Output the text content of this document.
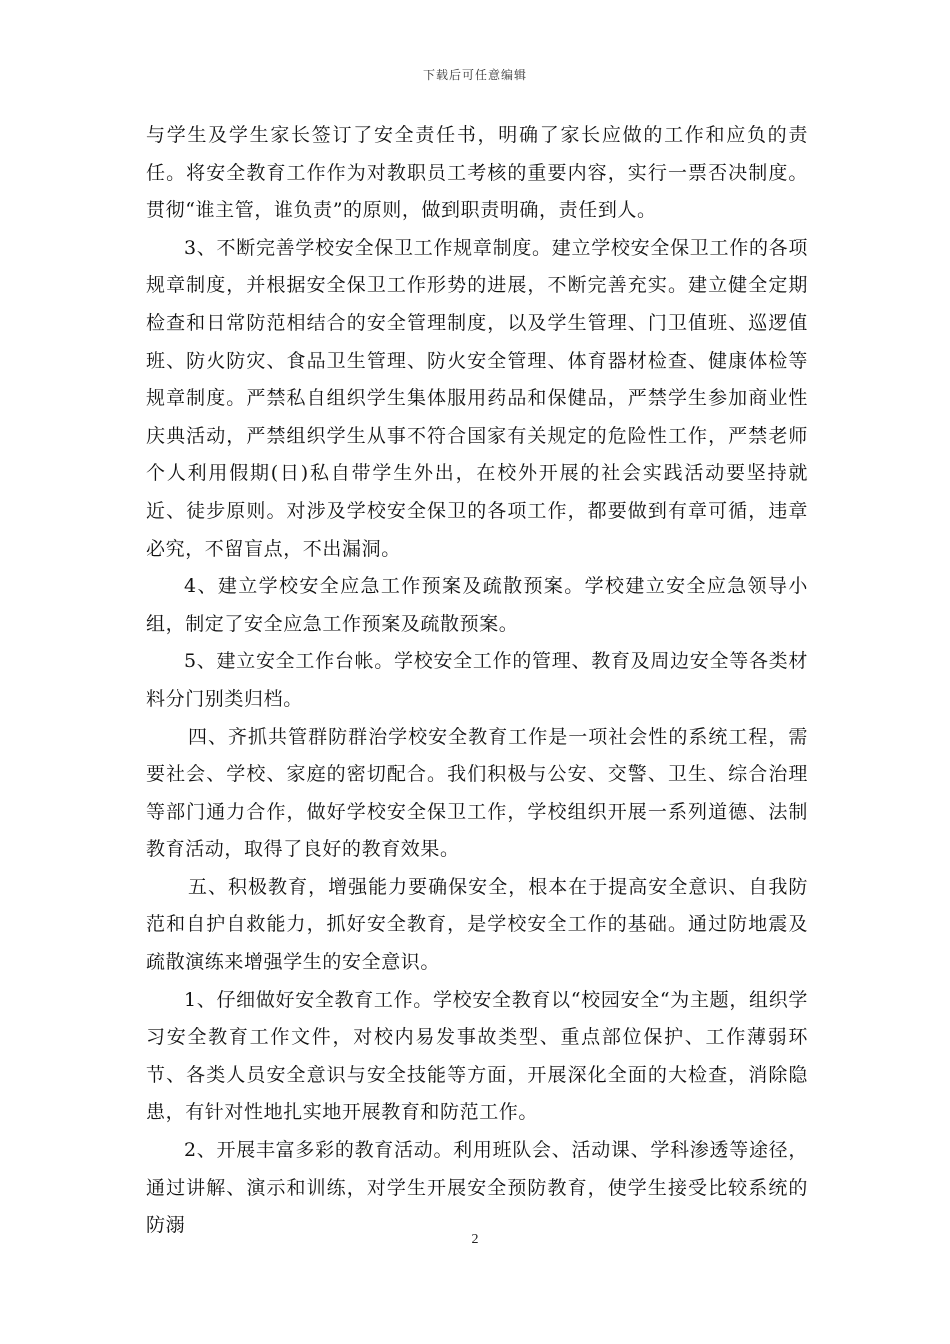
下载后可任意编辑

与学生及学生家长签订了安全责任书，明确了家长应做的工作和应负的责任。将安全教育工作作为对教职员工考核的重要内容，实行一票否决制度。贯彻“谁主管，谁负责”的原则，做到职责明确，责任到人。

3、不断完善学校安全保卫工作规章制度。建立学校安全保卫工作的各项规章制度，并根据安全保卫工作形势的进展，不断完善充实。建立健全定期检查和日常防范相结合的安全管理制度，以及学生管理、门卫值班、巡逻值班、防火防灾、食品卫生管理、防火安全管理、体育器材检查、健康体检等规章制度。严禁私自组织学生集体服用药品和保健品，严禁学生参加商业性庆典活动，严禁组织学生从事不符合国家有关规定的危险性工作，严禁老师个人利用假期(日)私自带学生外出，在校外开展的社会实践活动要坚持就近、徒步原则。对涉及学校安全保卫的各项工作，都要做到有章可循，违章必究，不留盲点，不出漏洞。

4、建立学校安全应急工作预案及疏散预案。学校建立安全应急领导小组，制定了安全应急工作预案及疏散预案。

5、建立安全工作台帐。学校安全工作的管理、教育及周边安全等各类材料分门别类归档。

四、齐抓共管群防群治学校安全教育工作是一项社会性的系统工程，需要社会、学校、家庭的密切配合。我们积极与公安、交警、卫生、综合治理等部门通力合作，做好学校安全保卫工作，学校组织开展一系列道德、法制教育活动，取得了良好的教育效果。

五、积极教育，增强能力要确保安全，根本在于提高安全意识、自我防范和自护自救能力，抓好安全教育，是学校安全工作的基础。通过防地震及疏散演练来增强学生的安全意识。

1、仔细做好安全教育工作。学校安全教育以“校园安全“为主题，组织学习安全教育工作文件，对校内易发事故类型、重点部位保护、工作薄弱环节、各类人员安全意识与安全技能等方面，开展深化全面的大检查，消除隐患，有针对性地扎实地开展教育和防范工作。

2、开展丰富多彩的教育活动。利用班队会、活动课、学科渗透等途径，通过讲解、演示和训练，对学生开展安全预防教育，使学生接受比较系统的防溺

2
